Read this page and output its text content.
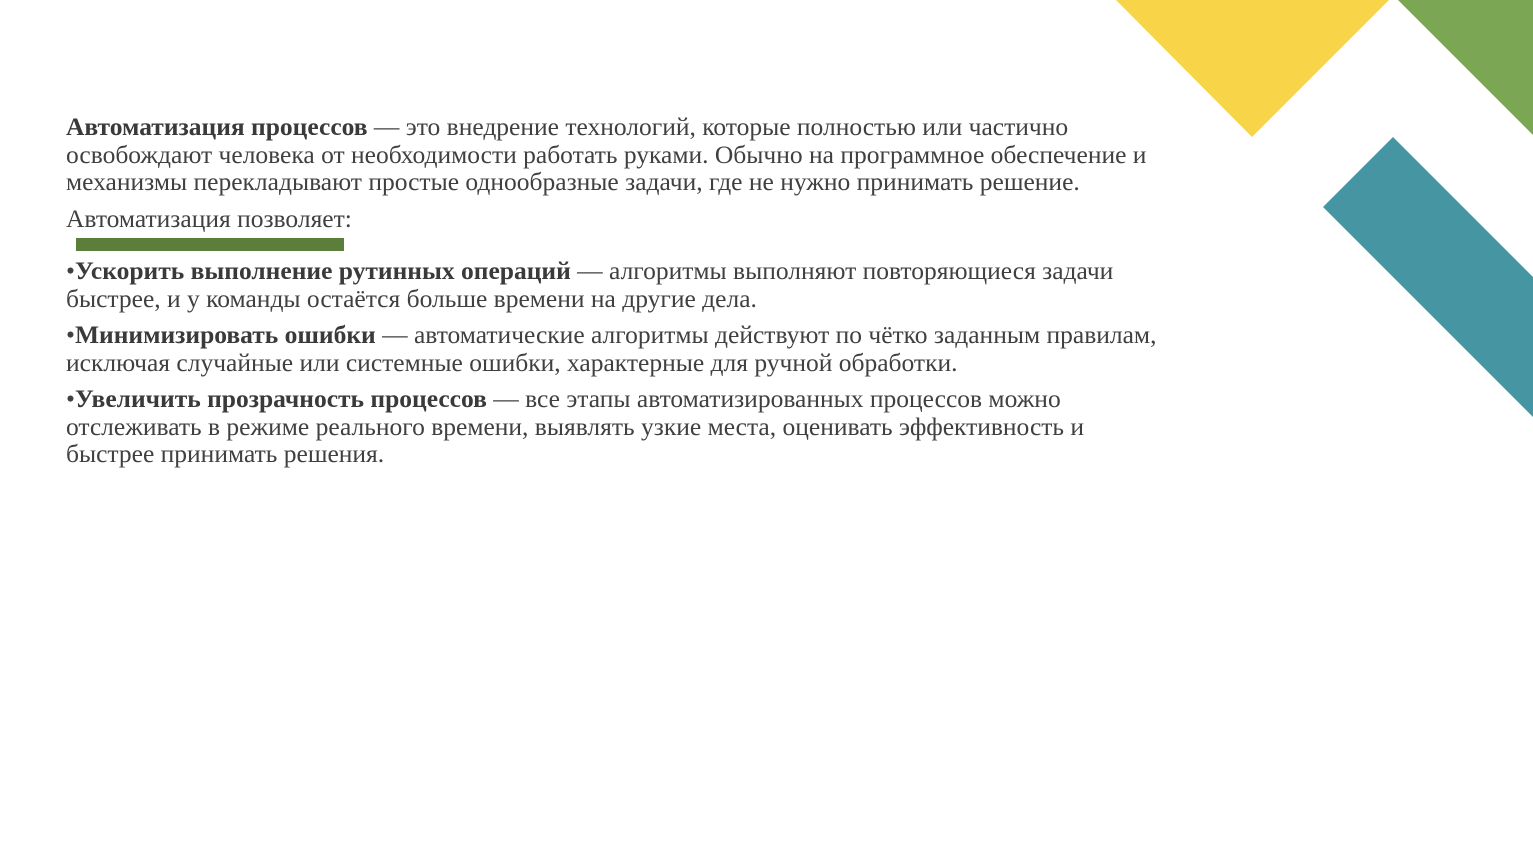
Автоматизация процессов — это внедрение технологий, которые полностью или частично освобождают человека от необходимости работать руками. Обычно на программное обеспечение и механизмы перекладывают простые однообразные задачи, где не нужно принимать решение.

Автоматизация позволяет:

•Ускорить выполнение рутинных операций — алгоритмы выполняют повторяющиеся задачи быстрее, и у команды остаётся больше времени на другие дела.

•Минимизировать ошибки — автоматические алгоритмы действуют по чётко заданным правилам, исключая случайные или системные ошибки, характерные для ручной обработки.

•Увеличить прозрачность процессов — все этапы автоматизированных процессов можно отслеживать в режиме реального времени, выявлять узкие места, оценивать эффективность и быстрее принимать решения.
